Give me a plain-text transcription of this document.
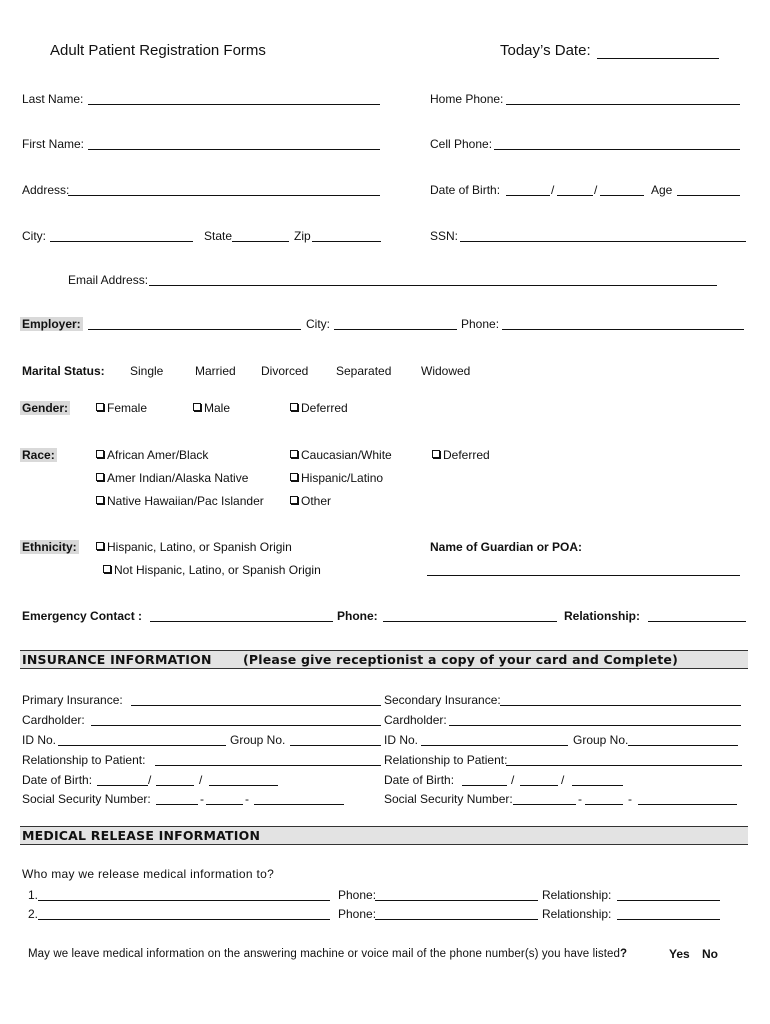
Adult Patient Registration Forms	Today’s Date:
Last Name:	Home Phone:
First Name:	Cell Phone:
Address:	Date of Birth:	/	/	Age
City:	State	Zip	SSN:
Email Address:
Employer:	City:	Phone:
Marital Status: Single	Married Divorced Separated Widowed
Gender:	Female	Male	Deferred
Race:	African Amer/Black	Caucasian/White	Deferred
Amer Indian/Alaska Native	Hispanic/Latino
Native Hawaiian/Pac Islander	Other
Ethnicity:	Hispanic, Latino, or Spanish Origin
Not Hispanic, Latino, or Spanish Origin
Name of Guardian or POA:
Emergency Contact :	Phone:	Relationship:
INSURANCE INFORMATION	(Please give receptionist a copy of your card and Complete)
Primary Insurance:	Secondary Insurance:
Cardholder:	Cardholder:
ID No.	Group No.	ID No.	Group No.
Relationship to Patient:	Relationship to Patient:
Date of Birth:	/	/	Date of Birth:	/	/
Social Security Number:	-	-	Social Security Number:	-	-
MEDICAL RELEASE INFORMATION
Who may we release medical information to?
1.	Phone:	Relationship:
2.	Phone:	Relationship:
May we leave medical information on the answering machine or voice mail of the phone number(s) you have listed?	Yes No
